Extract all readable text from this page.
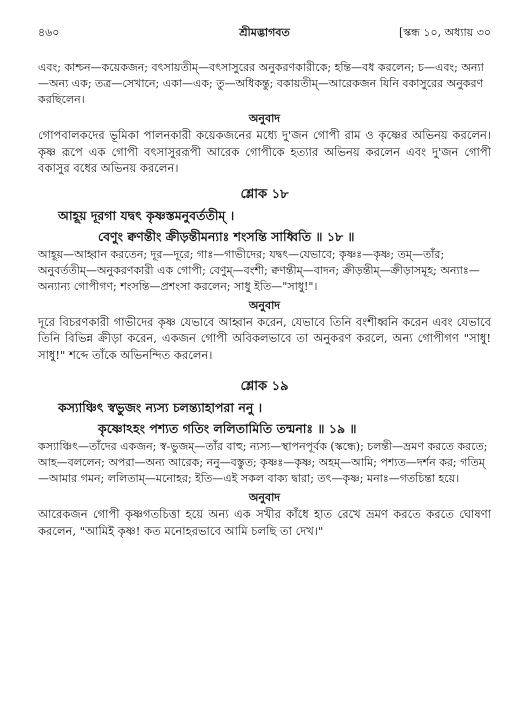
৪৬০	শ্রীমদ্ভাগবত	[স্কন্ধ ১০, অধ্যায় ৩০

এবং; কাশ্চন—কয়েকজন; বৎসায়তীম্—বৎসাসুরের অনুকরণকারীকে; হন্তি—বধ করলেন; চ—এবং; অন্যা—অন্য এক; তত্র—সেখানে; একা—এক; তু—অধিকন্তু; বকায়তীম্—আরেকজন যিনি বকাসুরের অনুকরণ করছিলেন।

অনুবাদ

গোপবালকদের ভূমিকা পালনকারী কয়েকজনের মধ্যে দু'জন গোপী রাম ও কৃষ্ণের অভিনয় করলেন। কৃষ্ণ রূপে এক গোপী বৎসাসুররূপী আরেক গোপীকে হত্যার অভিনয় করলেন এবং দু'জন গোপী বকাসুর বধের অভিনয় করলেন।

শ্লোক ১৮

আহূয় দূরগা যদ্বৎ কৃষ্ণস্তমনুবর্ততীম্ ।

বেণুং ক্বণন্তীং ক্রীড়ন্তীমন্যাঃ শংসন্তি সাধ্বিতি ॥ ১৮ ॥

আহূয়—আহ্বান করতেন; দূর—দূরে; গাঃ—গাভীদের; যদ্বৎ—যেভাবে; কৃষ্ণঃ—কৃষ্ণ; তম্—তাঁর; অনুবর্ততীম্—অনুকরণকারী এক গোপী; বেণুম্—বংশী; ক্বণন্তীম্—বাদন; ক্রীড়ন্তীম্—ক্রীড়াসমূহ; অন্যাঃ—অন্যান্য গোপীগণ; শংসন্তি—প্রশংসা করলেন; সাধু ইতি—"সাধু!"।

অনুবাদ

দূরে বিচরণকারী গাভীদের কৃষ্ণ যেভাবে আহ্বান করেন, যেভাবে তিনি বংশীধ্বনি করেন এবং যেভাবে তিনি বিভিন্ন ক্রীড়া করেন, একজন গোপী অবিকলভাবে তা অনুকরণ করলে, অন্য গোপীগণ "সাধু! সাধু!" শব্দে তাঁকে অভিনন্দিত করলেন।

শ্লোক ১৯

কস্যাঞ্চিৎ স্বভুজং ন্যস্য চলন্ত্যাহাপরা ননু ।

কৃষ্ণোঽহং পশ্যত গতিং ললিতামিতি তন্মনাঃ ॥ ১৯ ॥

কস্যাঞ্চিৎ—তাঁদের একজন; স্ব-ভুজম্—তাঁর বাহু; ন্যস্য—স্থাপনপূর্বক (স্কন্ধে); চলন্তী—ভ্রমণ করতে করতে; আহ—বললেন; অপরা—অন্য আরেক; ননু—বস্তুত; কৃষ্ণঃ—কৃষ্ণ; অহম্—আমি; পশ্যত—দর্শন কর; গতিম্—আমার গমন; ললিতাম্—মনোহর; ইতি—এই সকল বাক্য দ্বারা; তৎ—কৃষ্ণ; মনাঃ—গতচিন্তা হয়ে।

অনুবাদ

আরেকজন গোপী কৃষ্ণগতচিত্তা হয়ে অন্য এক সখীর কাঁধে হাত রেখে ভ্রমণ করতে করতে ঘোষণা করলেন, "আমিই কৃষ্ণ! কত মনোহরভাবে আমি চলছি তা দেখ।"
